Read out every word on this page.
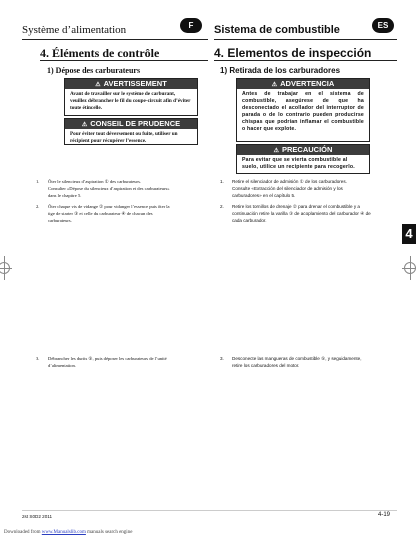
Système d’alimentation	F	Sistema de combustible	ES
4. Éléments de contrôle	4. Elementos de inspección
1) Dépose des carburateurs	1) Retirada de los carburadores
⚠ AVERTISSEMENT
Avant de travailler sur le système de carburant, veuillez débrancher le fil du coupe-circuit afin d’éviter toute étincelle.
⚠ CONSEIL DE PRUDENCE
Pour éviter tout déversement ou fuite, utiliser un récipient pour récupérer l’essence.
⚠ ADVERTENCIA
Antes de trabajar en el sistema de combustible, asegúrese de que ha desconectado el acollador del interruptor de parada o de lo contrario pueden producirse chispas que podrían inflamar el combustible o hacer que explote.
⚠ PRECAUCIÓN
Para evitar que se vierta combustible al suelo, utilice un recipiente para recogerlo.
1. Ôter le silencieux d’aspiration ① des carburateurs.
Consulter «Dépose du silencieux d’aspiration et des carburateurs»
dans le chapitre 5.
2. Ôter chaque vis de vidange ② pour vidanger l’essence puis ôter la
tige de starter ③ et celle du carburateur ④ de chacun des
carburateurs.
3. Débrancher les durits ⑤, puis déposer les carburateurs de l’unité
d’alimentation.
1. Retire el silenciador de admisión ① de los carburadores.
Consulte «Extracción del silenciador de admisión y los
carburadores» en el capítulo 5.
2. Retire los tornillos de drenaje ② para drenar el combustible y a
continuación retire la varilla ③ de acoplamiento del carburador ④ de
cada carburador.
3. Desconecte las mangueras de combustible ⑤, y seguidamente,
retire los carburadores del motor.
4
2st S0D2 2011	4-19
Downloaded from www.Manualslib.com manuals search engine
